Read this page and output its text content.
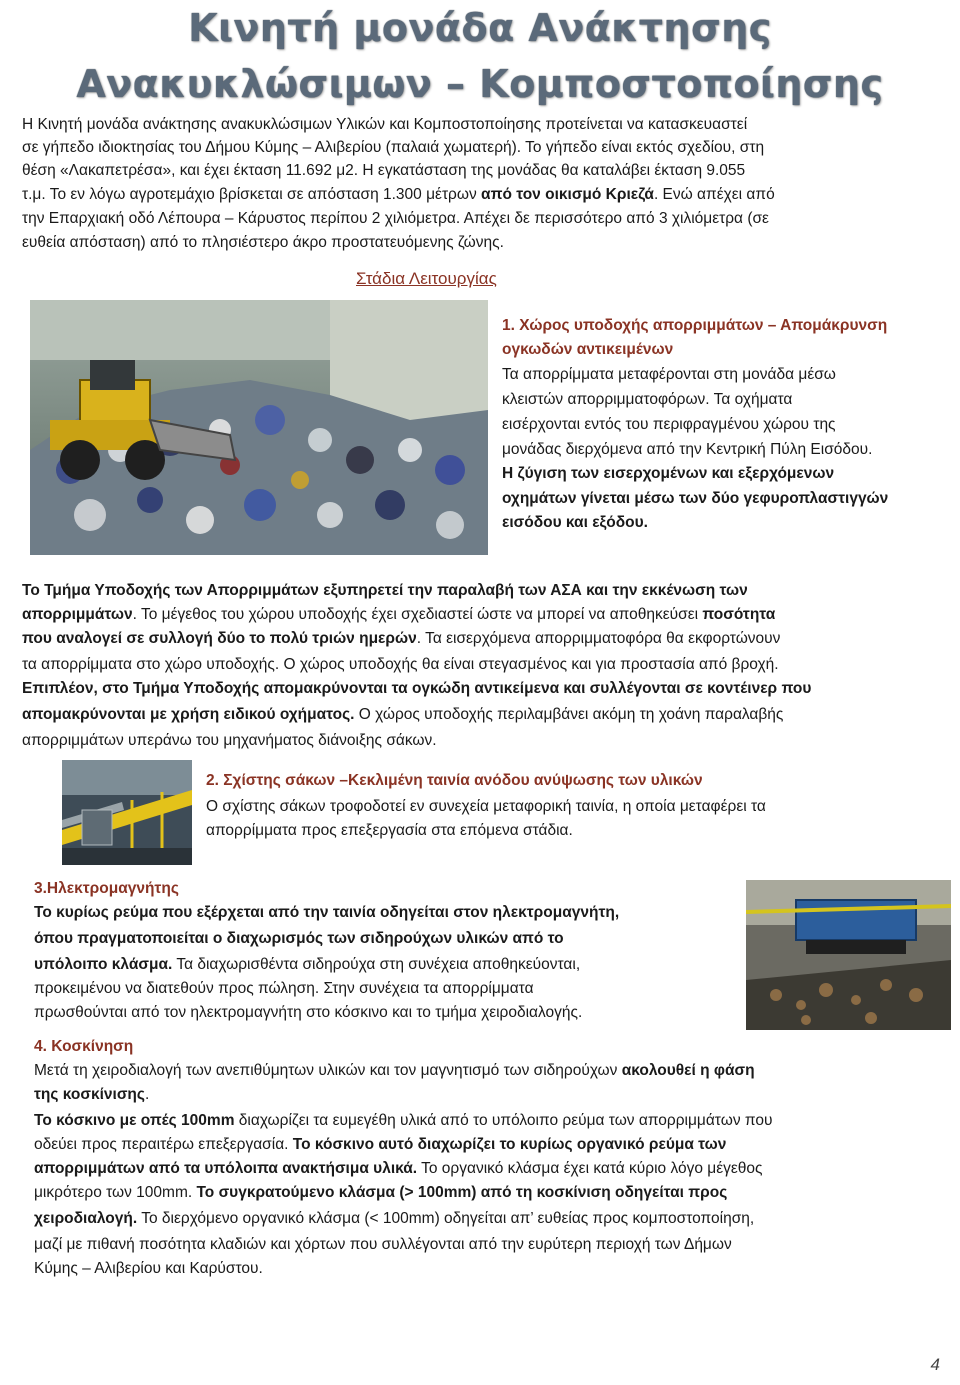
Κινητή μονάδα Ανάκτησης
Ανακυκλώσιμων – Κομποστοποίησης
Η Κινητή μονάδα ανάκτησης ανακυκλώσιμων Υλικών και Κομποστοποίησης προτείνεται να κατασκευαστεί
σε γήπεδο ιδιοκτησίας του Δήμου Κύμης – Αλιβερίου (παλαιά χωματερή). Το γήπεδο είναι εκτός σχεδίου, στη
θέση «Λακαπετρέσα», και έχει έκταση 11.692 μ2. Η εγκατάσταση της μονάδας θα καταλάβει έκταση 9.055
τ.μ. Το εν λόγω αγροτεμάχιο βρίσκεται σε απόσταση 1.300 μέτρων από τον οικισμό Κριεζά. Ενώ απέχει από
την Επαρχιακή οδό Λέπουρα – Κάρυστος περίπου 2 χιλιόμετρα. Απέχει δε περισσότερο από 3 χιλιόμετρα (σε
ευθεία απόσταση) από το πλησιέστερο άκρο προστατευόμενης ζώνης.
Στάδια Λειτουργίας
1. Χώρος υποδοχής απορριμμάτων – Απομάκρυνση
ογκωδών αντικειμένων
Τα απορρίμματα μεταφέρονται στη μονάδα μέσω
κλειστών απορριμματοφόρων. Τα οχήματα
εισέρχονται εντός του περιφραγμένου χώρου της
μονάδας διερχόμενα από την Κεντρική Πύλη Εισόδου.
Η ζύγιση των εισερχομένων και εξερχόμενων
οχημάτων γίνεται μέσω των δύο γεφυροπλαστιγγών
εισόδου και εξόδου.
Το Τμήμα Υποδοχής των Απορριμμάτων εξυπηρετεί την παραλαβή των ΑΣΑ και την εκκένωση των
απορριμμάτων. Το μέγεθος του χώρου υποδοχής έχει σχεδιαστεί ώστε να μπορεί να αποθηκεύσει ποσότητα
που αναλογεί σε συλλογή δύο το πολύ τριών ημερών. Τα εισερχόμενα απορριμματοφόρα θα εκφορτώνουν
τα απορρίμματα στο χώρο υποδοχής. Ο χώρος υποδοχής θα είναι στεγασμένος και για προστασία από βροχή.
Επιπλέον, στο Τμήμα Υποδοχής απομακρύνονται τα ογκώδη αντικείμενα και συλλέγονται σε κοντέινερ που
απομακρύνονται με χρήση ειδικού οχήματος. Ο χώρος υποδοχής περιλαμβάνει ακόμη τη χοάνη παραλαβής
απορριμμάτων υπεράνω του μηχανήματος διάνοιξης σάκων.
2. Σχίστης σάκων –Κεκλιμένη ταινία ανόδου ανύψωσης των υλικών
Ο σχίστης σάκων τροφοδοτεί εν συνεχεία μεταφορική ταινία, η οποία μεταφέρει τα
απορρίμματα προς επεξεργασία στα επόμενα στάδια.
3.Ηλεκτρομαγνήτης
Το κυρίως ρεύμα που εξέρχεται από την ταινία οδηγείται στον ηλεκτρομαγνήτη,
όπου πραγματοποιείται ο διαχωρισμός των σιδηρούχων υλικών από το
υπόλοιπο κλάσμα. Τα διαχωρισθέντα σιδηρούχα στη συνέχεια αποθηκεύονται,
προκειμένου να διατεθούν προς πώληση. Στην συνέχεια τα απορρίμματα
πρωσθούνται από τον ηλεκτρομαγνήτη στο κόσκινο και το τμήμα χειροδιαλογής.
4. Κοσκίνηση
Μετά τη χειροδιαλογή των ανεπιθύμητων υλικών και τον μαγνητισμό των σιδηρούχων ακολουθεί η φάση
της κοσκίνισης.
Το κόσκινο με οπές 100mm διαχωρίζει τα ευμεγέθη υλικά από το υπόλοιπο ρεύμα των απορριμμάτων που
οδεύει προς περαιτέρω επεξεργασία. Το κόσκινο αυτό διαχωρίζει το κυρίως οργανικό ρεύμα των
απορριμμάτων από τα υπόλοιπα ανακτήσιμα υλικά. Το οργανικό κλάσμα έχει κατά κύριο λόγο μέγεθος
μικρότερο των 100mm. Το συγκρατούμενο κλάσμα (> 100mm) από τη κοσκίνιση οδηγείται προς
χειροδιαλογή. Το διερχόμενο οργανικό κλάσμα (< 100mm) οδηγείται απ’ ευθείας προς κομποστοποίηση,
μαζί με πιθανή ποσότητα κλαδιών και χόρτων που συλλέγονται από την ευρύτερη περιοχή των Δήμων
Κύμης – Αλιβερίου και Καρύστου.
4
